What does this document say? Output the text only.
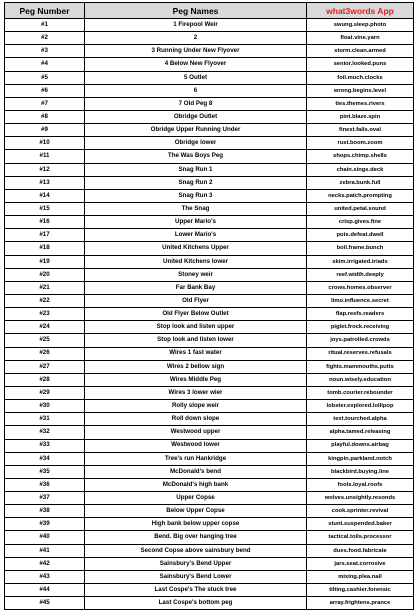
Peg Number	Peg Names	what3words App
#1	1 Firepool Weir	swung.sleep.photo
#2	2	float.vine.yarn
#3	3 Running Under New Flyover	storm.clean.armed
#4	4 Below New Flyover	senior.looked.puns
#5	5 Outlet	foil.much.clocks
#6	6	wrong.begins.level
#7	7 Old Peg 8	ties.themes.rivers
#8	Obridge Outlet	pint.blaze.spin
#9	Obridge Upper Running Under	finest.fails.oval
#10	Obridge lower	rust.boom.zoom
#11	The Was Boys Peg	shops.chimp.shells
#12	Snag Run 1	chain.sings.deck
#13	Snag Run 2	zebra.bunk.full
#14	Snag Run 3	necks.patch.prompting
#15	The Snag	united.petal.sound
#16	Upper Mario's	crisp.gives.fine
#17	Lower Mario's	puts.defeat.dwell
#18	United Kitchens Upper	boil.frame.bunch
#19	United Kitchens lower	skim.irrigated.triads
#20	Stoney weir	reef.width.deeply
#21	Far Bank Bay	crows.homes.observer
#22	Old Flyer	limo.influence.secret
#23	Old Flyer Below Outlet	flap.reefs.readers
#24	Stop look and listen upper	piglet.frock.receiving
#25	Stop look and listen lower	joys.patrolled.crowds
#26	Wires 1 fast water	ritual.reserves.refusals
#27	Wires 2 bellow sign	fights.mammouths.putts
#28	Wires Middle Peg	noun.wisely.education
#29	Wires 3 lower wier	tomb.courier.rebounder
#30	Rolly slope weir	lobster.explored.lollipop
#31	Roll down slope	text.tourched.alpha
#32	Westwood upper	alpha.tamed.releasing
#33	Westwood lower	playful.downs.airbag
#34	Tree's run Hankridge	kingpin.parkland.notch
#35	McDonald's bend	blackbird.buying.line
#36	McDonald's high bank	fools.loyal.roofs
#37	Upper Copse	wolves.unsightly.resonds
#38	Below Upper Copse	cook.sprinter.revival
#39	High bank below upper copse	stunt.suspended.baker
#40	Bend. Big over hanging tree	tactical.toils.processor
#41	Second Copse above sainsbury bend	dues.food.fabricate
#42	Sainsbury's Bend Upper	jars.seat.corrosive
#43	Sainsbury's Bend Lower	mixing.plea.nail
#44	Last Cospe's The stuck tree	tilting.cashier.forensic
#45	Last Cospe's bottom peg	array.frightens.prance
